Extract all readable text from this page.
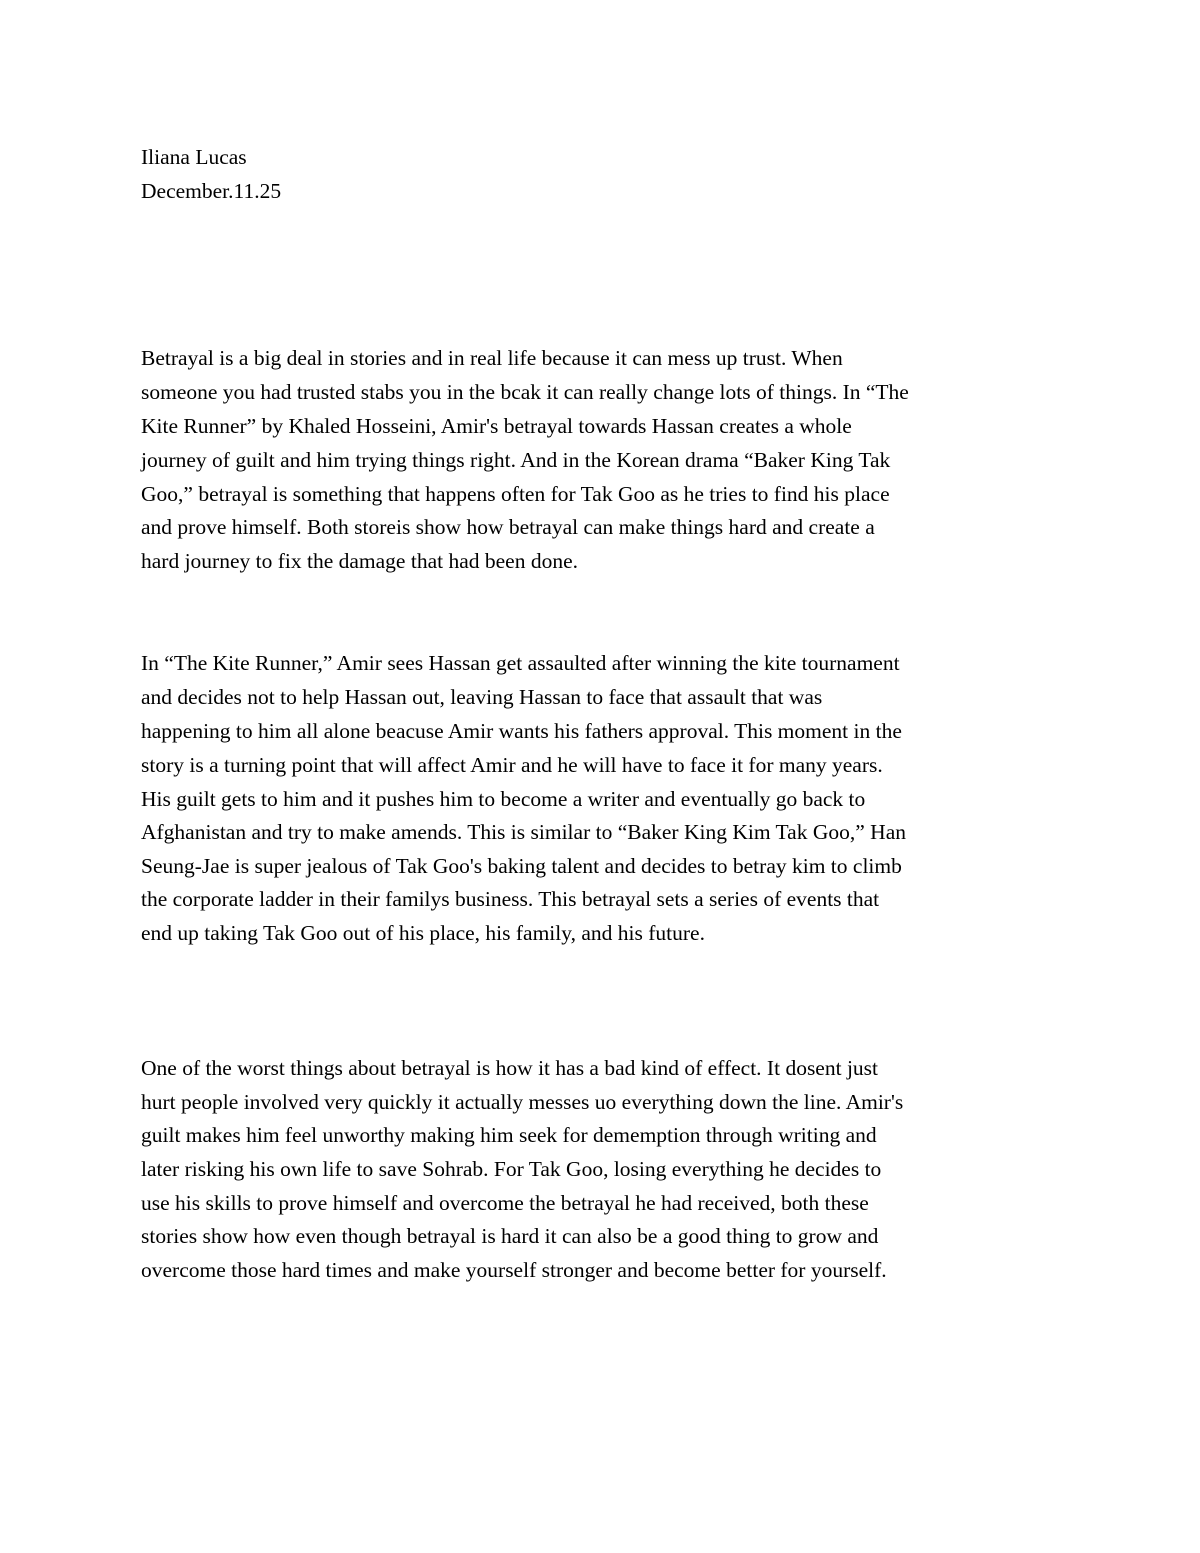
Iliana Lucas

December.11.25

Betrayal is a big deal in stories and in real life because it can mess up trust. When

someone you had trusted stabs you in the bcak it can really change lots of things. In “The

Kite Runner” by Khaled Hosseini, Amir's betrayal towards Hassan creates a whole

journey of guilt and him trying things right. And in the Korean drama “Baker King Tak

Goo,” betrayal is something that happens often for Tak Goo as he tries to find his place

and prove himself. Both storeis show how betrayal can make things hard and create a

hard journey to fix the damage that had been done.

In “The Kite Runner,” Amir sees Hassan get assaulted after winning the kite tournament

and decides not to help Hassan out, leaving Hassan to face that assault that was

happening to him all alone beacuse Amir wants his fathers approval. This moment in the

story is a turning point that will affect Amir and he will have to face it for many years.

His guilt gets to him and it pushes him to become a writer and eventually go back to

Afghanistan and try to make amends. This is similar to “Baker King Kim Tak Goo,” Han

Seung-Jae is super jealous of Tak Goo's baking talent and decides to betray kim to climb

the corporate ladder in their familys business. This betrayal sets a series of events that

end up taking Tak Goo out of his place, his family, and his future.

One of the worst things about betrayal is how it has a bad kind of effect. It dosent just

hurt people involved very quickly it actually messes uo everything down the line. Amir's

guilt makes him feel unworthy making him seek for dememption through writing and

later risking his own life to save Sohrab. For Tak Goo, losing everything he decides to

use his skills to prove himself and overcome the betrayal he had received, both these

stories show how even though betrayal is hard it can also be a good thing to grow and

overcome those hard times and make yourself stronger and become better for yourself.
